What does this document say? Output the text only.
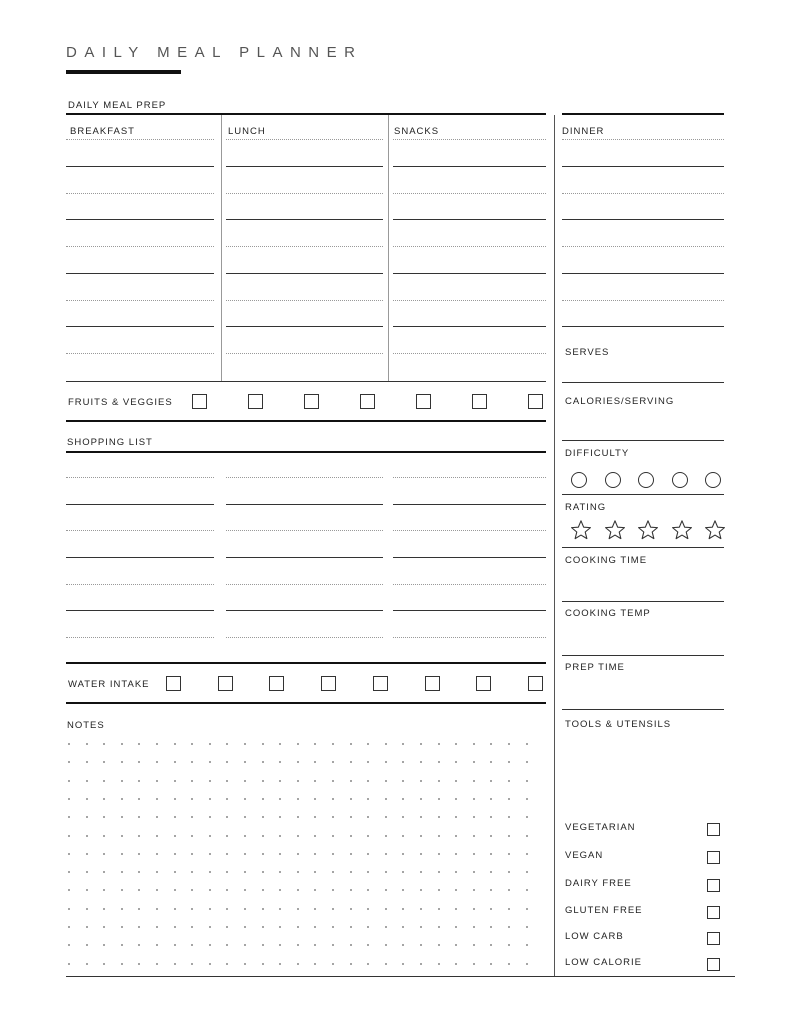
DAILY MEAL PLANNER
DAILY MEAL PREP
BREAKFAST	LUNCH	SNACKS
FRUITS & VEGGIES
SHOPPING LIST
WATER INTAKE
NOTES
DINNER
SERVES
CALORIES/SERVING
DIFFICULTY
RATING
COOKING TIME
COOKING TEMP
PREP TIME
TOOLS & UTENSILS
VEGETARIAN
VEGAN
DAIRY FREE
GLUTEN FREE
LOW CARB
LOW CALORIE
